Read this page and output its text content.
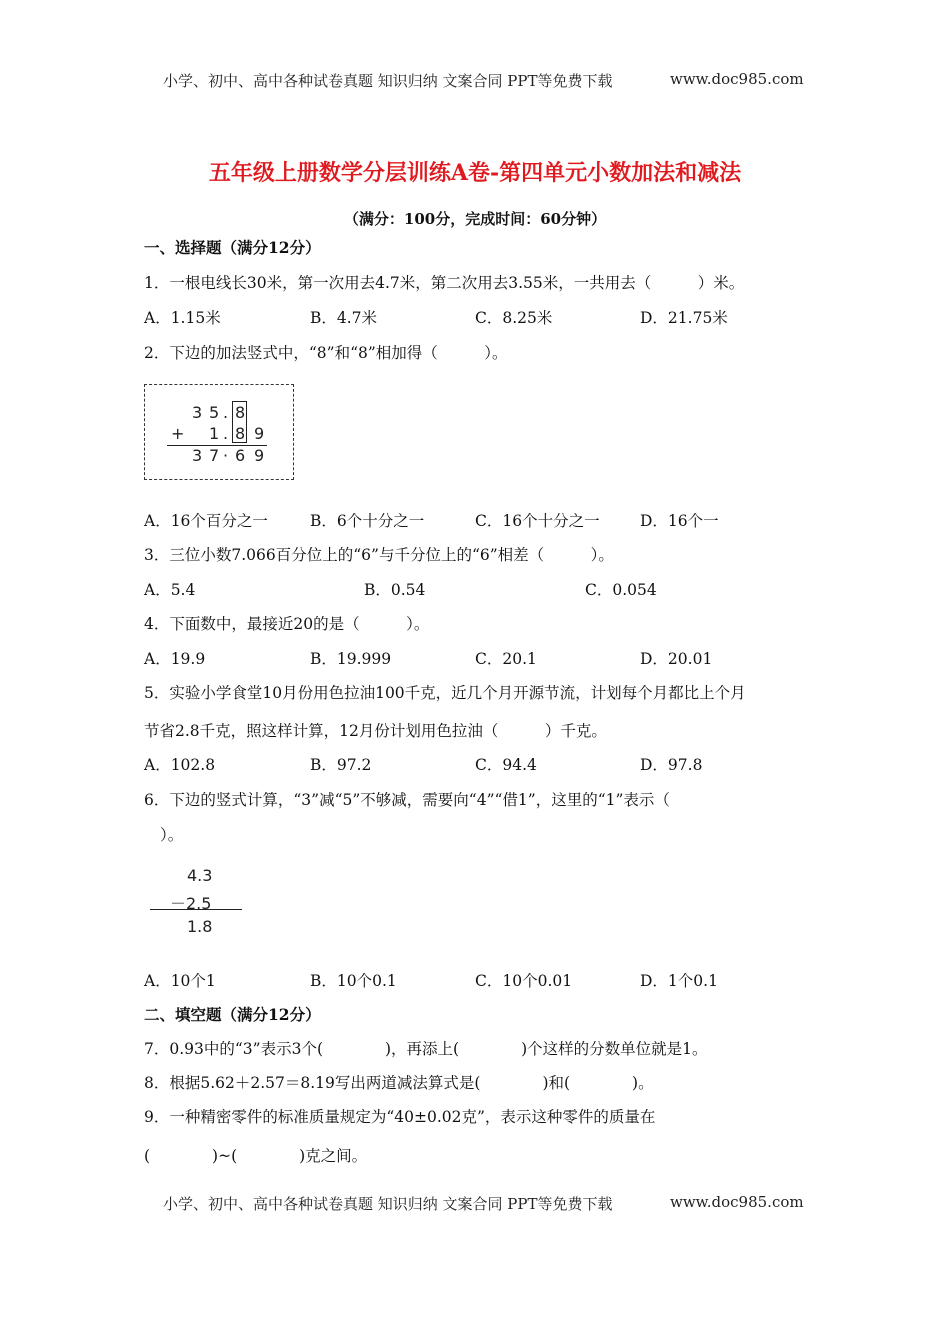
小学、初中、高中各种试卷真题 知识归纳 文案合同 PPT等免费下载	www.doc985.com
五年级上册数学分层训练A卷-第四单元小数加法和减法
（满分：100分，完成时间：60分钟）
一、选择题（满分12分）
1．一根电线长30米，第一次用去4.7米，第二次用去3.55米，一共用去（　　　）米。
A．1.15米	B．4.7米	C．8.25米	D．21.75米
2．下边的加法竖式中，“8”和“8”相加得（　　　）。
3 5 . 8
+ 1 . 8 9
3 7 · 6 9
A．16个百分之一	B．6个十分之一	C．16个十分之一	D．16个一
3．三位小数7.066百分位上的“6”与千分位上的“6”相差（　　　）。
A．5.4	B．0.54	C．0.054
4．下面数中，最接近20的是（　　　）。
A．19.9	B．19.999	C．20.1	D．20.01
5．实验小学食堂10月份用色拉油100千克，近几个月开源节流，计划每个月都比上个月
节省2.8千克，照这样计算，12月份计划用色拉油（　　　）千克。
A．102.8	B．97.2	C．94.4	D．97.8
6．下边的竖式计算，“3”减“5”不够减，需要向“4”“借1”，这里的“1”表示（
）。
4.3
－2.5
1.8
A．10个1	B．10个0.1	C．10个0.01	D．1个0.1
二、填空题（满分12分）
7．0.93中的“3”表示3个(　　　　)，再添上(　　　　)个这样的分数单位就是1。
8．根据5.62＋2.57＝8.19写出两道减法算式是(　　　　)和(　　　　)。
9．一种精密零件的标准质量规定为“40±0.02克”，表示这种零件的质量在
(　　　　)~(　　　　)克之间。
小学、初中、高中各种试卷真题 知识归纳 文案合同 PPT等免费下载	www.doc985.com
